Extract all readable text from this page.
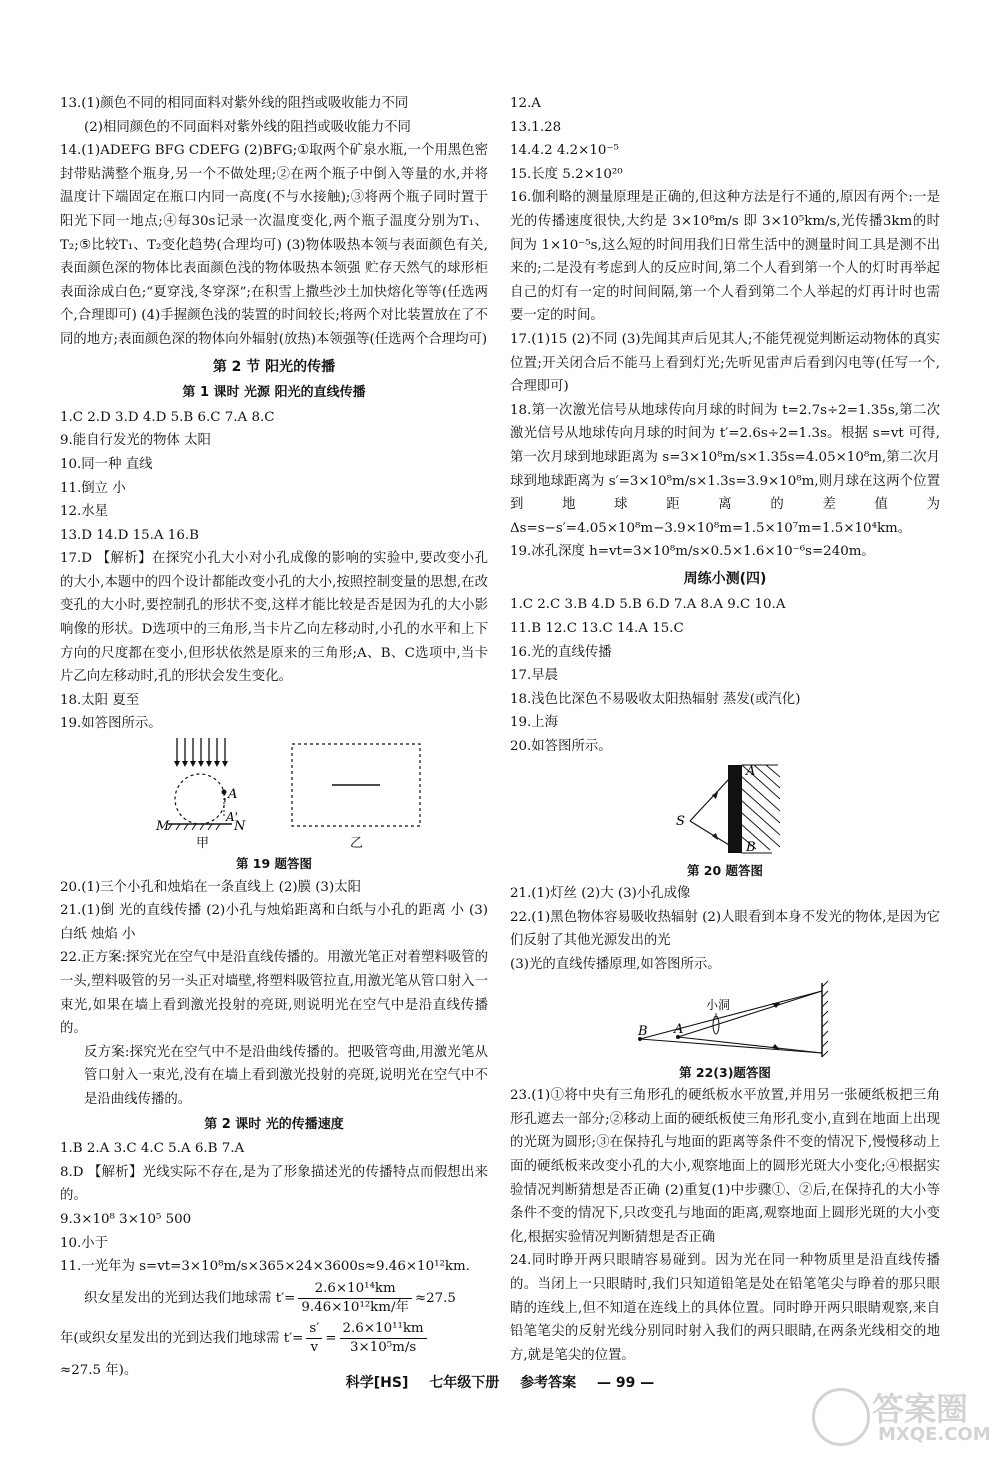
13.(1)颜色不同的相同面料对紫外线的阻挡或吸收能力不同

(2)相同颜色的不同面料对紫外线的阻挡或吸收能力不同

14.(1)ADEFG BFG CDEFG (2)BFG;①取两个矿泉水瓶,一个用黑色密封带贴满整个瓶身,另一个不做处理;②在两个瓶子中倒入等量的水,并将温度计下端固定在瓶口内同一高度(不与水接触);③将两个瓶子同时置于阳光下同一地点;④每30s记录一次温度变化,两个瓶子温度分别为T₁、T₂;⑤比较T₁、T₂变化趋势(合理均可) (3)物体吸热本领与表面颜色有关,表面颜色深的物体比表面颜色浅的物体吸热本领强 贮存天然气的球形柜表面涂成白色;“夏穿浅,冬穿深”;在积雪上撒些沙土加快熔化等等(任选两个,合理即可) (4)手握颜色浅的装置的时间较长;将两个对比装置放在了不同的地方;表面颜色深的物体向外辐射(放热)本领强等(任选两个合理均可)

第 2 节 阳光的传播
第 1 课时 光源 阳光的直线传播

1.C 2.D 3.D 4.D 5.B 6.C 7.A 8.C

9.能自行发光的物体 太阳

10.同一种 直线

11.倒立 小

12.水星

13.D 14.D 15.A 16.B

17.D 【解析】在探究小孔大小对小孔成像的影响的实验中,要改变小孔的大小,本题中的四个设计都能改变小孔的大小,按照控制变量的思想,在改变孔的大小时,要控制孔的形状不变,这样才能比较是否是因为孔的大小影响像的形状。D选项中的三角形,当卡片乙向左移动时,小孔的水平和上下方向的尺度都在变小,但形状依然是原来的三角形;A、B、C选项中,当卡片乙向左移动时,孔的形状会发生变化。

18.太阳 夏至

19.如答图所示。

A
A'
M	N
甲	乙
第 19 题答图

20.(1)三个小孔和烛焰在一条直线上 (2)膜 (3)太阳

21.(1)倒 光的直线传播 (2)小孔与烛焰距离和白纸与小孔的距离 小 (3)白纸 烛焰 小

22.正方案:探究光在空气中是沿直线传播的。用激光笔正对着塑料吸管的一头,塑料吸管的另一头正对墙壁,将塑料吸管拉直,用激光笔从管口射入一束光,如果在墙上看到激光投射的亮斑,则说明光在空气中是沿直线传播的。

反方案:探究光在空气中不是沿曲线传播的。把吸管弯曲,用激光笔从管口射入一束光,没有在墙上看到激光投射的亮斑,说明光在空气中不是沿曲线传播的。

第 2 课时 光的传播速度

1.B 2.A 3.C 4.C 5.A 6.B 7.A

8.D 【解析】光线实际不存在,是为了形象描述光的传播特点而假想出来的。

9.3×10⁸ 3×10⁵ 500

10.小于

11.一光年为 s=vt=3×10⁸m/s×365×24×3600s≈9.46×10¹²km.

织女星发出的光到达我们地球需 $t'= \frac{\text{2.6×10¹⁴km}}{\text{9.46×10¹²km/年}} \approx 27.5$

年(或织女星发出的光到达我们地球需 $t'= \frac{s'}{v} = \frac{\text{2.6×10¹¹km}}{\text{3×10⁵m/s}}$

≈27.5 年)。

12.A

13.1.28

14.4.2 4.2×10⁻⁵

15.长度 5.2×10²⁰

16.伽利略的测量原理是正确的,但这种方法是行不通的,原因有两个:一是光的传播速度很快,大约是 3×10⁸m/s 即 3×10⁵km/s,光传播3km的时间为 1×10⁻⁵s,这么短的时间用我们日常生活中的测量时间工具是测不出来的;二是没有考虑到人的反应时间,第二个人看到第一个人的灯时再举起自己的灯有一定的时间间隔,第一个人看到第二个人举起的灯再计时也需要一定的时间。

17.(1)15 (2)不同 (3)先闻其声后见其人;不能凭视觉判断运动物体的真实位置;开关闭合后不能马上看到灯光;先听见雷声后看到闪电等(任写一个,合理即可)

18.第一次激光信号从地球传向月球的时间为 t=2.7s÷2=1.35s,第二次激光信号从地球传向月球的时间为 t′=2.6s÷2=1.3s。根据 s=vt 可得,第一次月球到地球距离为 s=3×10⁸m/s×1.35s=4.05×10⁸m,第二次月球到地球距离为 s′=3×10⁸m/s×1.3s=3.9×10⁸m,则月球在这两个位置到地球距离的差值为 Δs=s−s′=4.05×10⁸m−3.9×10⁸m=1.5×10⁷m=1.5×10⁴km。

19.冰孔深度 h=vt=3×10⁸m/s×0.5×1.6×10⁻⁶s=240m。

周练小测(四)

1.C 2.C 3.B 4.D 5.B 6.D 7.A 8.A 9.C 10.A

11.B 12.C 13.C 14.A 15.C

16.光的直线传播

17.早晨

18.浅色比深色不易吸收太阳热辐射 蒸发(或汽化)

19.上海

20.如答图所示。

S
A
B
第 20 题答图

21.(1)灯丝 (2)大 (3)小孔成像

22.(1)黑色物体容易吸收热辐射 (2)人眼看到本身不发光的物体,是因为它们反射了其他光源发出的光

(3)光的直线传播原理,如答图所示。

小洞
B A
第 22(3)题答图

23.(1)①将中央有三角形孔的硬纸板水平放置,并用另一张硬纸板把三角形孔遮去一部分;②移动上面的硬纸板使三角形孔变小,直到在地面上出现的光斑为圆形;③在保持孔与地面的距离等条件不变的情况下,慢慢移动上面的硬纸板来改变小孔的大小,观察地面上的圆形光斑大小变化;④根据实验情况判断猜想是否正确 (2)重复(1)中步骤①、②后,在保持孔的大小等条件不变的情况下,只改变孔与地面的距离,观察地面上圆形光斑的大小变化,根据实验情况判断猜想是否正确

24.同时睁开两只眼睛容易碰到。因为光在同一种物质里是沿直线传播的。当闭上一只眼睛时,我们只知道铅笔是处在铅笔笔尖与睁着的那只眼睛的连线上,但不知道在连线上的具体位置。同时睁开两只眼睛观察,来自铅笔笔尖的反射光线分别同时射入我们的两只眼睛,在两条光线相交的地方,就是笔尖的位置。

科学[HS] 七年级下册 参考答案 — 99 —
答案圈
MXQE.COM
